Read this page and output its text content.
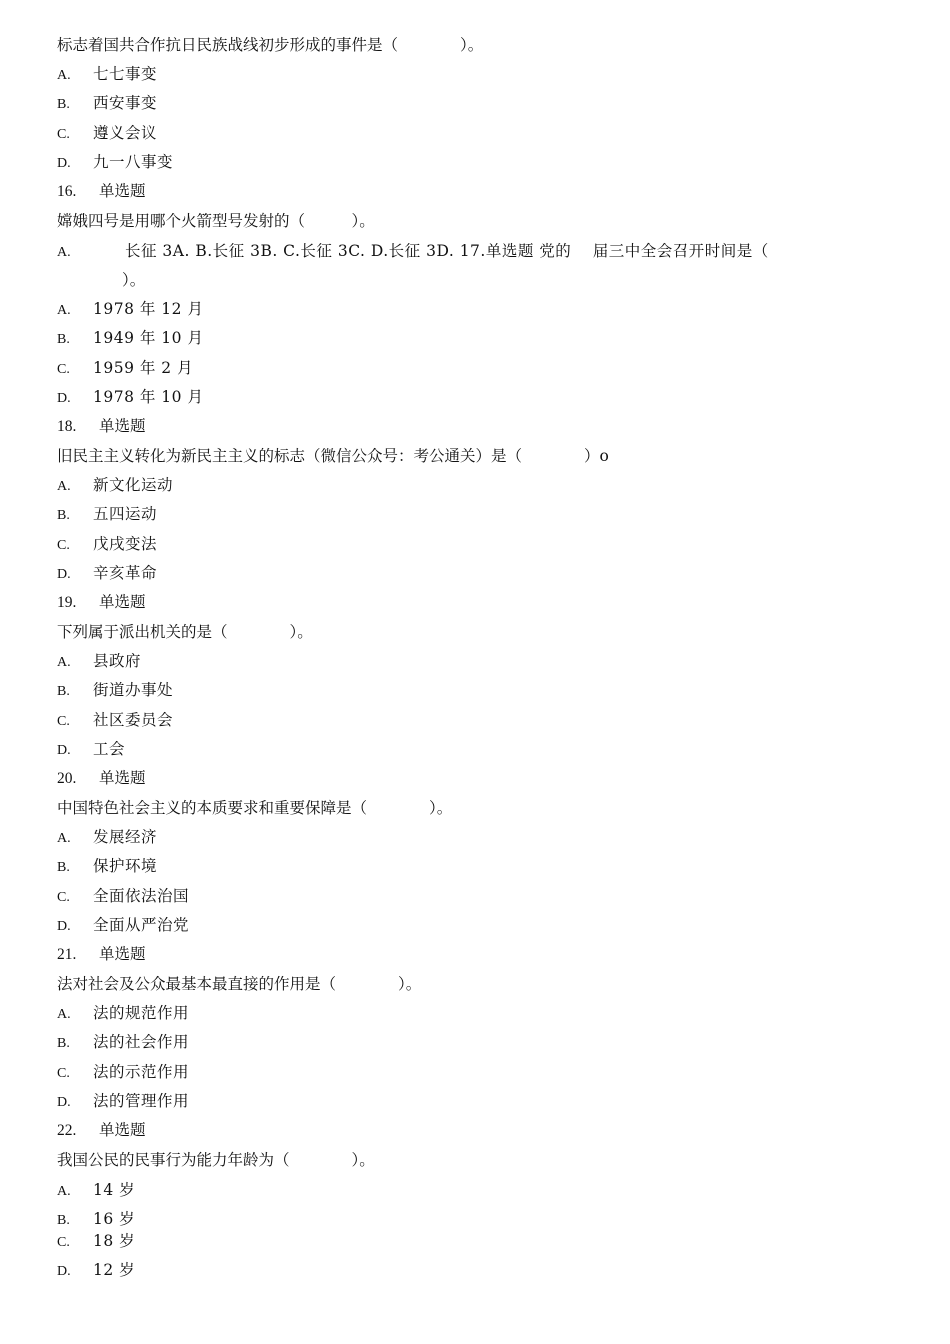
标志着国共合作抗日民族战线初步形成的事件是（　　　　）。
A. 七七事变
B. 西安事变
C. 遵义会议
D. 九一八事变
16. 单选题
嫦娥四号是用哪个火箭型号发射的（　　　）。
A.　　长征 3A. B.长征 3B. C.长征 3C. D.长征 3D. 17.单选题 党的　 届三中全会召开时间是（
）。
A. 1978 年 12 月
B. 1949 年 10 月
C. 1959 年 2 月
D. 1978 年 10 月
18. 单选题
旧民主主义转化为新民主主义的标志（微信公众号：考公通关）是（　　　　）o
A. 新文化运动
B. 五四运动
C. 戊戌变法
D. 辛亥革命
19. 单选题
下列属于派出机关的是（　　　　）。
A. 县政府
B. 街道办事处
C. 社区委员会
D. 工会
20. 单选题
中国特色社会主义的本质要求和重要保障是（　　　　）。
A. 发展经济
B. 保护环境
C. 全面依法治国
D. 全面从严治党
21. 单选题
法对社会及公众最基本最直接的作用是（　　　　）。
A. 法的规范作用
B. 法的社会作用
C. 法的示范作用
D. 法的管理作用
22. 单选题
我国公民的民事行为能力年龄为（　　　　）。
A. 14 岁
B. 16 岁
C. 18 岁
D. 12 岁
